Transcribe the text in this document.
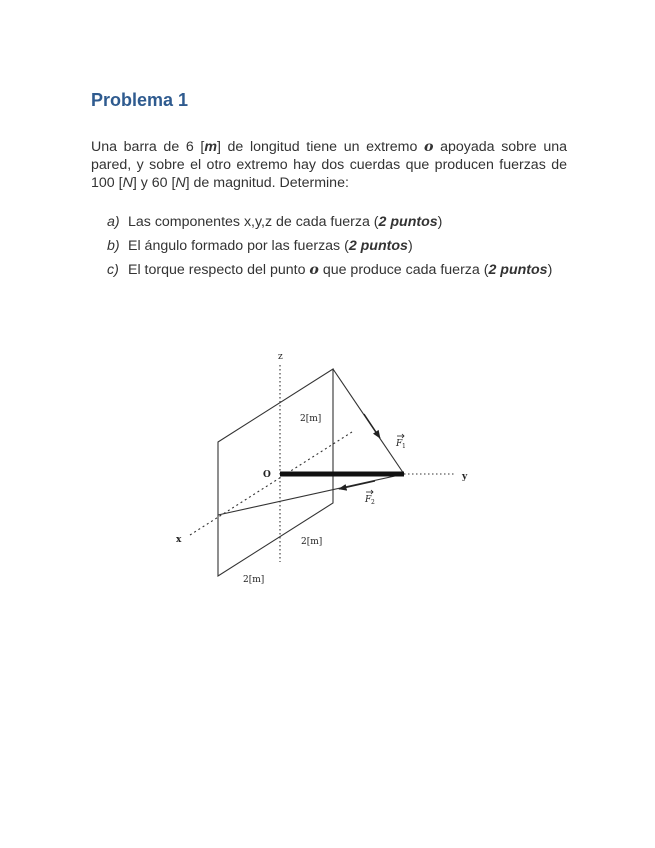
Problema 1

Una barra de 6 [m] de longitud tiene un extremo o apoyada sobre una pared, y sobre el otro extremo hay dos cuerdas que producen fuerzas de 100 [N] y 60 [N] de magnitud. Determine:

a) Las componentes x,y,z de cada fuerza (2 puntos)
b) El ángulo formado por las fuerzas (2 puntos)
c) El torque respecto del punto o que produce cada fuerza (2 puntos)
z
y
x
O
2[m]
2[m]
2[m]
F 1
F 2
